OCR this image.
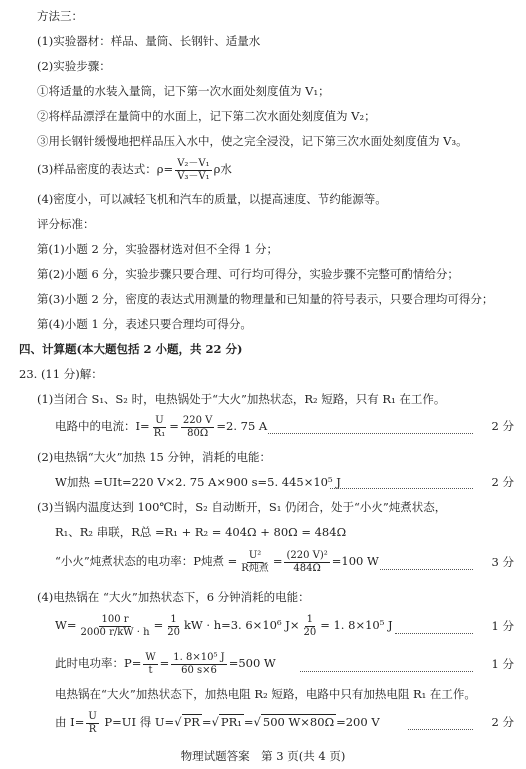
方法三：
(1)实验器材：样品、量筒、长钢针、适量水
(2)实验步骤：
①将适量的水装入量筒，记下第一次水面处刻度值为 V₁；
②将样品漂浮在量筒中的水面上，记下第二次水面处刻度值为 V₂；
③用长钢针缓慢地把样品压入水中，使之完全浸没，记下第三次水面处刻度值为 V₃。
(3)样品密度的表达式：$\rho= \frac{\text{V₂－V₁}}{\text{V₃－V₁}}$ ρ水
(4)密度小，可以减轻飞机和汽车的质量，以提高速度、节约能源等。
评分标准：
第(1)小题 2 分，实验器材选对但不全得 1 分；
第(2)小题 6 分，实验步骤只要合理、可行均可得分，实验步骤不完整可酌情给分；
第(3)小题 2 分，密度的表达式用测量的物理量和已知量的符号表示，只要合理均可得分；
第(4)小题 1 分，表述只要合理均可得分。
四、计算题(本大题包括 2 小题，共 22 分)
23. (11 分)解：
(1)当闭合 S₁、S₂ 时，电热锅处于“大火”加热状态，R₂ 短路，只有 R₁ 在工作。
电路中的电流：$I= \frac{U}{\text{R₁}} = \frac{220 V}{80\Omega} =2$. 75 A	2 分
(2)电热锅“大火”加热 15 分钟，消耗的电能：
W加热 =UIt=220 V×2. 75 A×900 s=5. 445×10⁵ J	2 分
(3)当锅内温度达到 100℃时，S₂ 自动断开，S₁ 仍闭合，处于“小火”炖煮状态，
R₁、R₂ 串联，R总 =R₁ + R₂ = 404Ω + 80Ω = 484Ω
“小火”炖煮状态的电功率：P炖煮 = $\frac{\text{U²}}{\text{R炖煮}} = \frac{\text{(220 V)²}}{484\Omega} =100$ W	3 分
(4)电热锅在 “大火”加热状态下，6 分钟消耗的电能：
$W= \frac{100 r}{2000 r/kW \cdot h} = \frac{1}{20}$ kW · h=3. 6×10⁶ $J\times \frac{1}{20} = 1$. 8×10⁵ J	1 分
此时电功率：$P= \frac{W}{t} = \frac{\text{1. 8×10⁵ J}}{60 s\times 6} =500$ W	1 分
电热锅在“大火”加热状态下，加热电阻 R₂ 短路，电路中只有加热电阻 R₁ 在工作。
由 $I= \frac{U}{R} P=UI$ 得 U=√ PR =√ PR₁ =√ 500 W×80Ω =200 V	2 分
物理试题答案　第 3 页(共 4 页)
